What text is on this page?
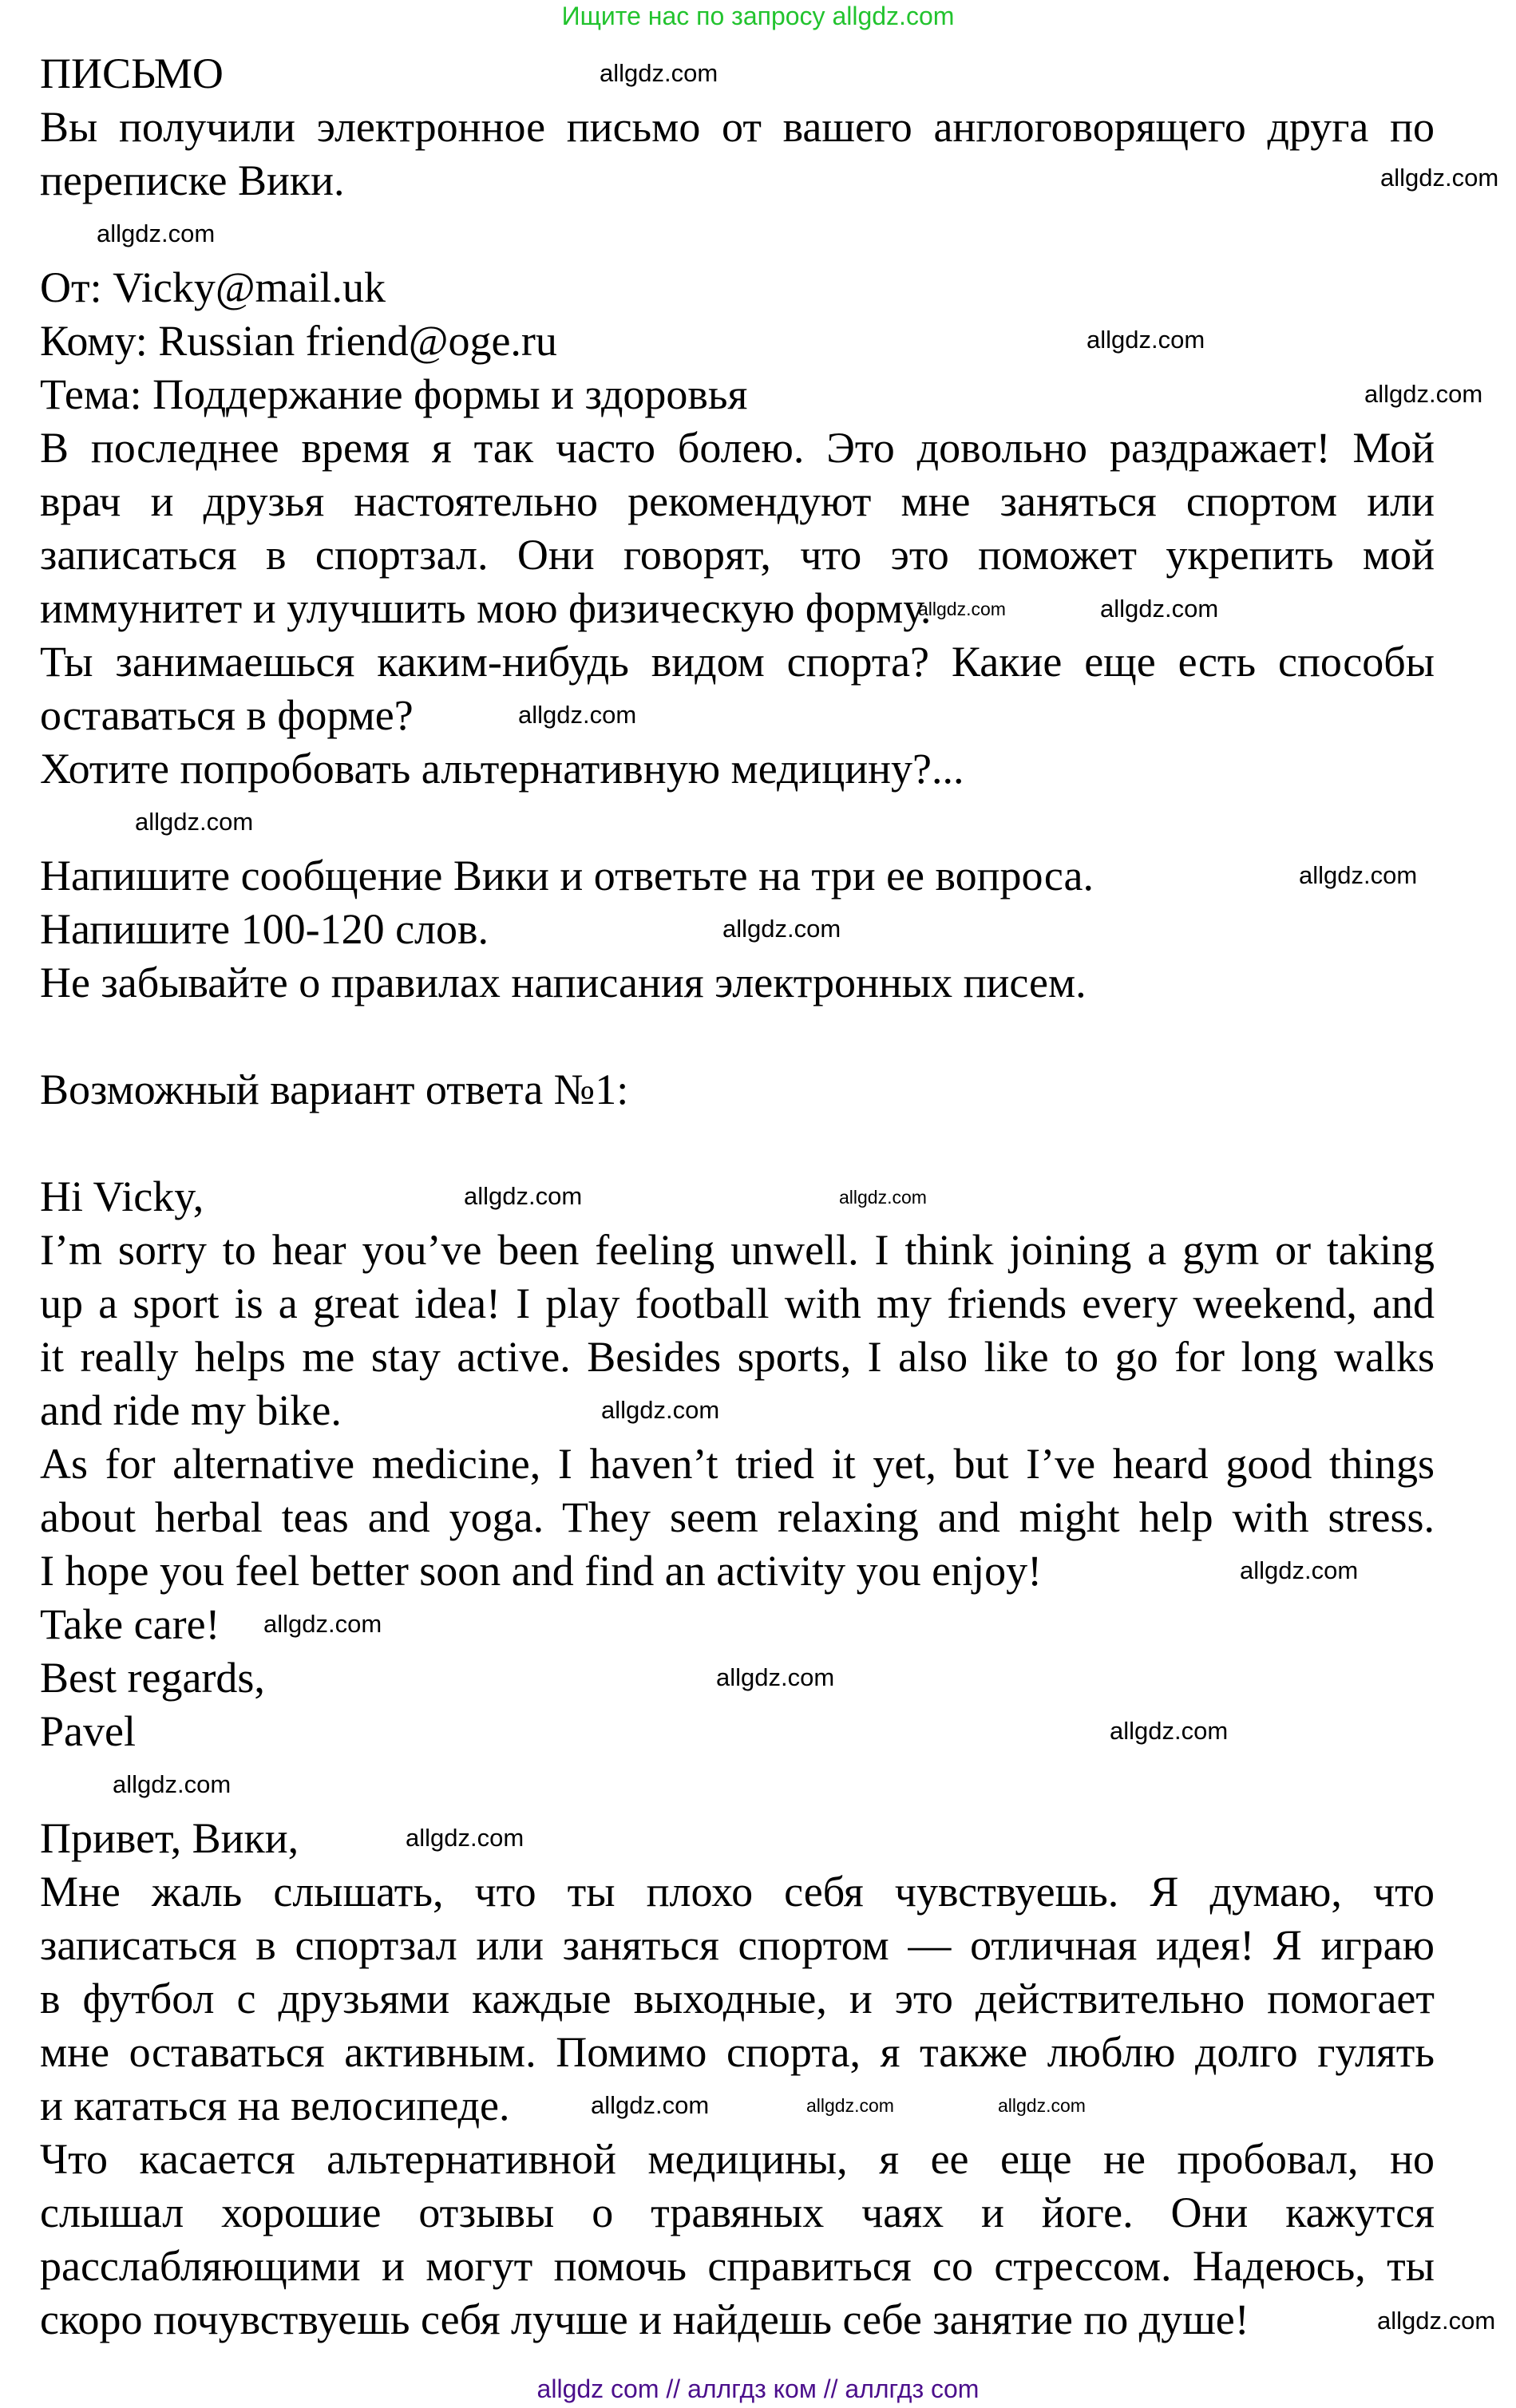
Ищите нас по запросу allgdz.com
ПИСЬМО
Вы получили электронное письмо от вашего англоговорящего друга по
переписке Вики.
От: Vicky@mail.uk
Кому: Russian friend@oge.ru
Тема: Поддержание формы и здоровья
В последнее время я так часто болею. Это довольно раздражает! Мой
врач и друзья настоятельно рекомендуют мне заняться спортом или
записаться в спортзал. Они говорят, что это поможет укрепить мой
иммунитет и улучшить мою физическую форму.
Ты занимаешься каким-нибудь видом спорта? Какие еще есть способы
оставаться в форме?
Хотите попробовать альтернативную медицину?...
Напишите сообщение Вики и ответьте на три ее вопроса.
Напишите 100-120 слов.
Не забывайте о правилах написания электронных писем.
Возможный вариант ответа №1:
Hi Vicky,
I’m sorry to hear you’ve been feeling unwell. I think joining a gym or taking
up a sport is a great idea! I play football with my friends every weekend, and
it really helps me stay active. Besides sports, I also like to go for long walks
and ride my bike.
As for alternative medicine, I haven’t tried it yet, but I’ve heard good things
about herbal teas and yoga. They seem relaxing and might help with stress.
I hope you feel better soon and find an activity you enjoy!
Take care!
Best regards,
Pavel
Привет, Вики,
Мне жаль слышать, что ты плохо себя чувствуешь. Я думаю, что
записаться в спортзал или заняться спортом — отличная идея! Я играю
в футбол с друзьями каждые выходные, и это действительно помогает
мне оставаться активным. Помимо спорта, я также люблю долго гулять
и кататься на велосипеде.
Что касается альтернативной медицины, я ее еще не пробовал, но
слышал хорошие отзывы о травяных чаях и йоге. Они кажутся
расслабляющими и могут помочь справиться со стрессом. Надеюсь, ты
скоро почувствуешь себя лучше и найдешь себе занятие по душе!
allgdz.com
allgdz.com
allgdz.com
allgdz.com
allgdz.com
allgdz.com	allgdz.com
allgdz.com
allgdz.com
allgdz.com
allgdz.com
allgdz.com	allgdz.com
allgdz.com
allgdz.com
allgdz.com
allgdz.com
allgdz.com
allgdz.com
allgdz.com
allgdz.com	allgdz.com	allgdz.com
allgdz.com
allgdz com // аллгдз ком // аллгдз com
